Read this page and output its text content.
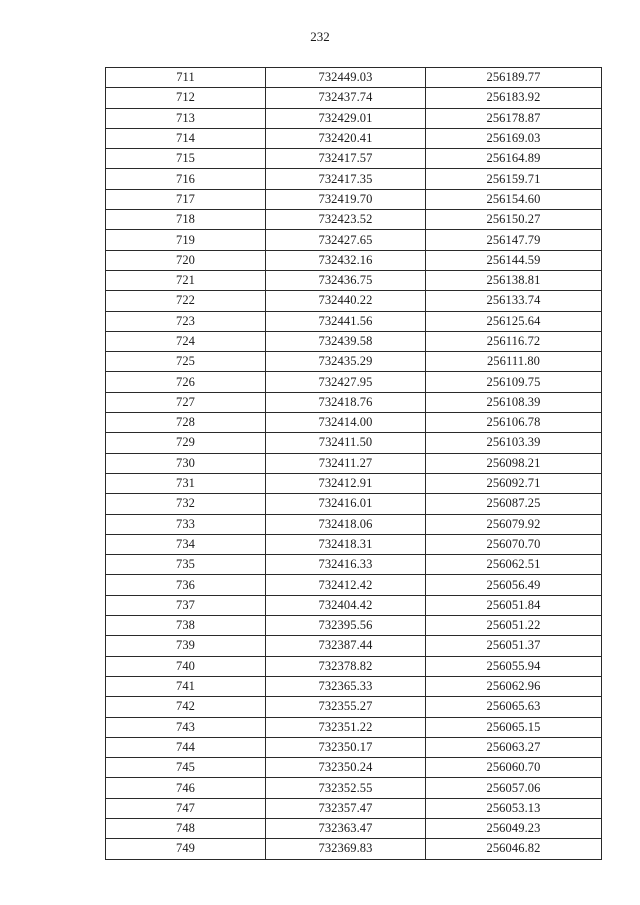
232
711	732449.03	256189.77
712	732437.74	256183.92
713	732429.01	256178.87
714	732420.41	256169.03
715	732417.57	256164.89
716	732417.35	256159.71
717	732419.70	256154.60
718	732423.52	256150.27
719	732427.65	256147.79
720	732432.16	256144.59
721	732436.75	256138.81
722	732440.22	256133.74
723	732441.56	256125.64
724	732439.58	256116.72
725	732435.29	256111.80
726	732427.95	256109.75
727	732418.76	256108.39
728	732414.00	256106.78
729	732411.50	256103.39
730	732411.27	256098.21
731	732412.91	256092.71
732	732416.01	256087.25
733	732418.06	256079.92
734	732418.31	256070.70
735	732416.33	256062.51
736	732412.42	256056.49
737	732404.42	256051.84
738	732395.56	256051.22
739	732387.44	256051.37
740	732378.82	256055.94
741	732365.33	256062.96
742	732355.27	256065.63
743	732351.22	256065.15
744	732350.17	256063.27
745	732350.24	256060.70
746	732352.55	256057.06
747	732357.47	256053.13
748	732363.47	256049.23
749	732369.83	256046.82
